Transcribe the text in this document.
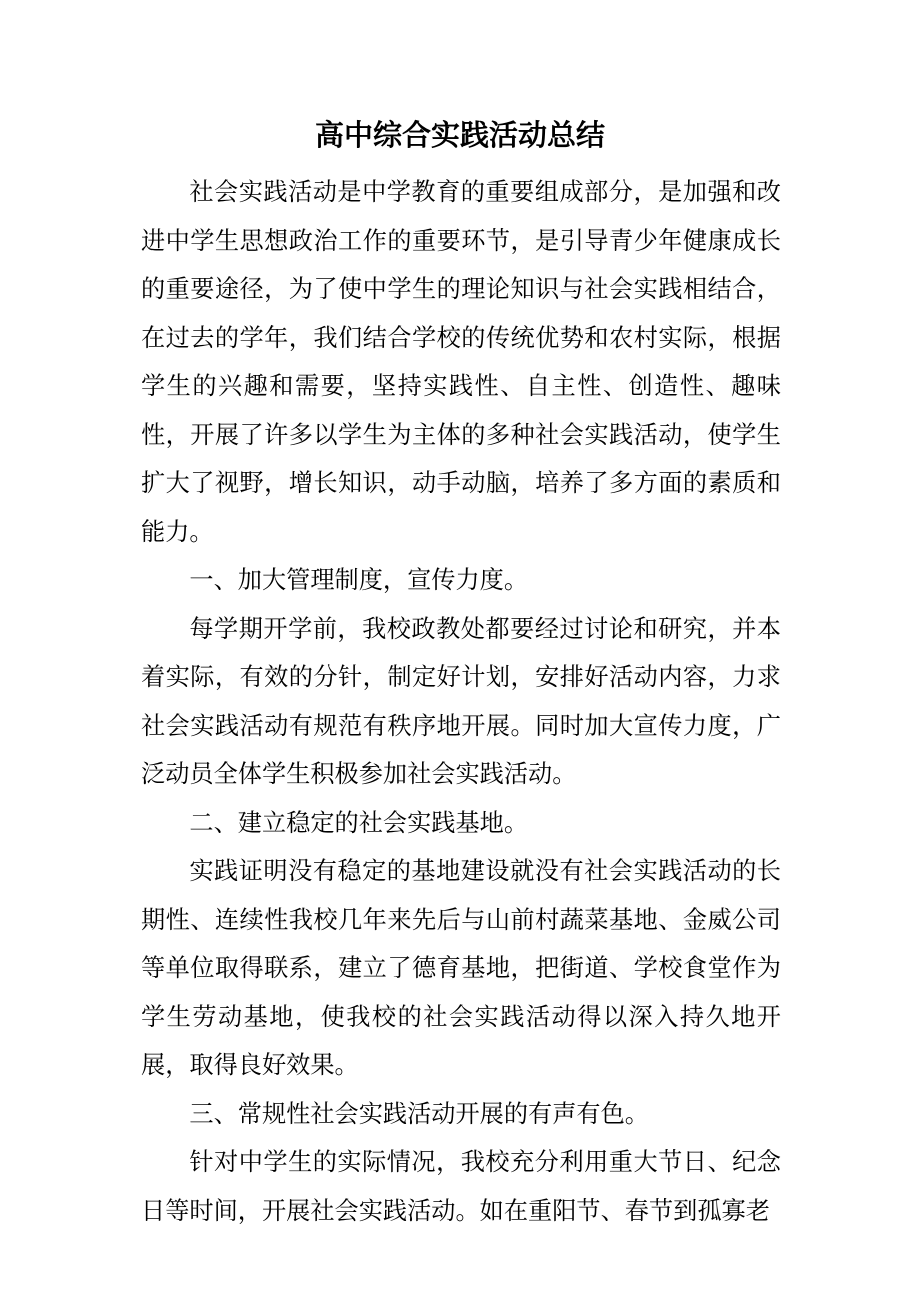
高中综合实践活动总结

社会实践活动是中学教育的重要组成部分，是加强和改进中学生思想政治工作的重要环节，是引导青少年健康成长的重要途径，为了使中学生的理论知识与社会实践相结合，在过去的学年，我们结合学校的传统优势和农村实际，根据学生的兴趣和需要，坚持实践性、自主性、创造性、趣味性，开展了许多以学生为主体的多种社会实践活动，使学生扩大了视野，增长知识，动手动脑，培养了多方面的素质和能力。

一、加大管理制度，宣传力度。

每学期开学前，我校政教处都要经过讨论和研究，并本着实际，有效的分针，制定好计划，安排好活动内容，力求社会实践活动有规范有秩序地开展。同时加大宣传力度，广泛动员全体学生积极参加社会实践活动。

二、建立稳定的社会实践基地。

实践证明没有稳定的基地建设就没有社会实践活动的长期性、连续性我校几年来先后与山前村蔬菜基地、金威公司等单位取得联系，建立了德育基地，把街道、学校食堂作为学生劳动基地，使我校的社会实践活动得以深入持久地开展，取得良好效果。

三、常规性社会实践活动开展的有声有色。

针对中学生的实际情况，我校充分利用重大节日、纪念日等时间，开展社会实践活动。如在重阳节、春节到孤寡老
